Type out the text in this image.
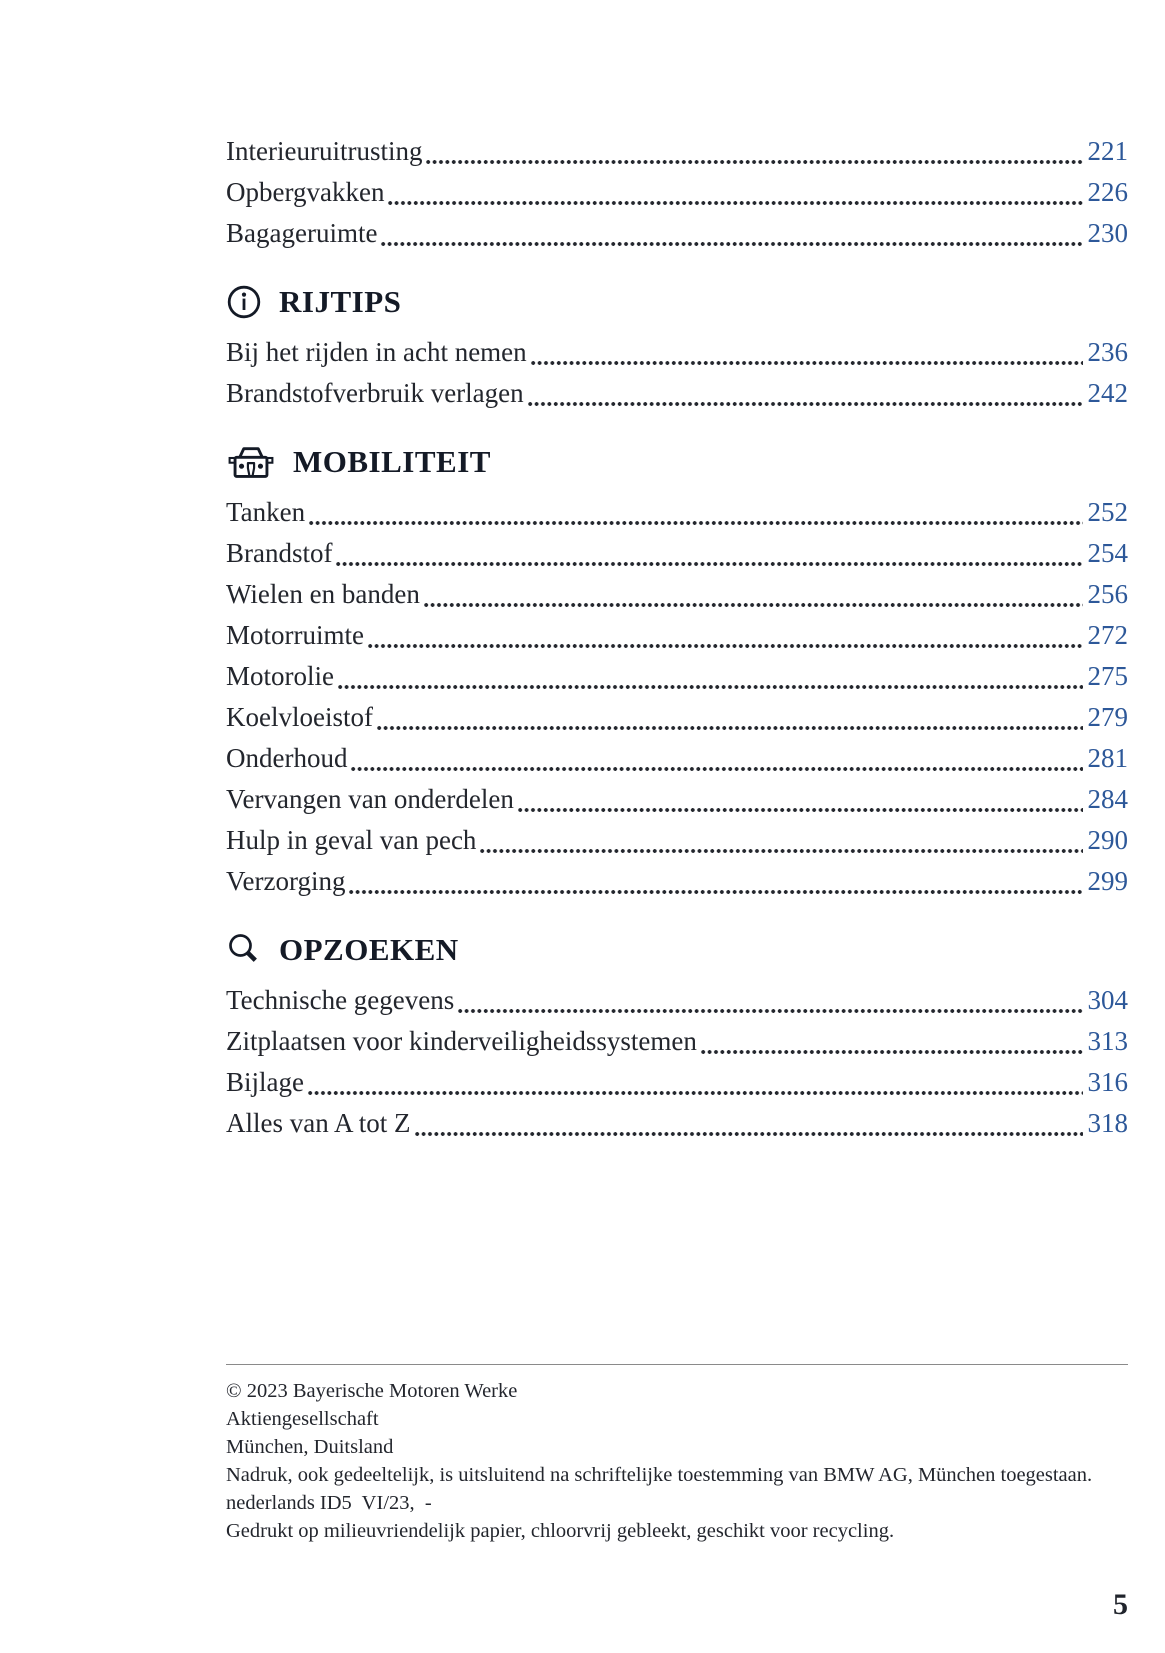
Interieuruitrusting	221
Opbergvakken	226
Bagageruimte	230
RIJTIPS
Bij het rijden in acht nemen	236
Brandstofverbruik verlagen	242
MOBILITEIT
Tanken	252
Brandstof	254
Wielen en banden	256
Motorruimte	272
Motorolie	275
Koelvloeistof	279
Onderhoud	281
Vervangen van onderdelen	284
Hulp in geval van pech	290
Verzorging	299
OPZOEKEN
Technische gegevens	304
Zitplaatsen voor kinderveiligheidssystemen	313
Bijlage	316
Alles van A tot Z	318

© 2023 Bayerische Motoren Werke

Aktiengesellschaft

München, Duitsland

Nadruk, ook gedeeltelijk, is uitsluitend na schriftelijke toestemming van BMW AG, München toegestaan.

nederlands ID5  VI/23,  -

Gedrukt op milieuvriendelijk papier, chloorvrij gebleekt, geschikt voor recycling.

5
